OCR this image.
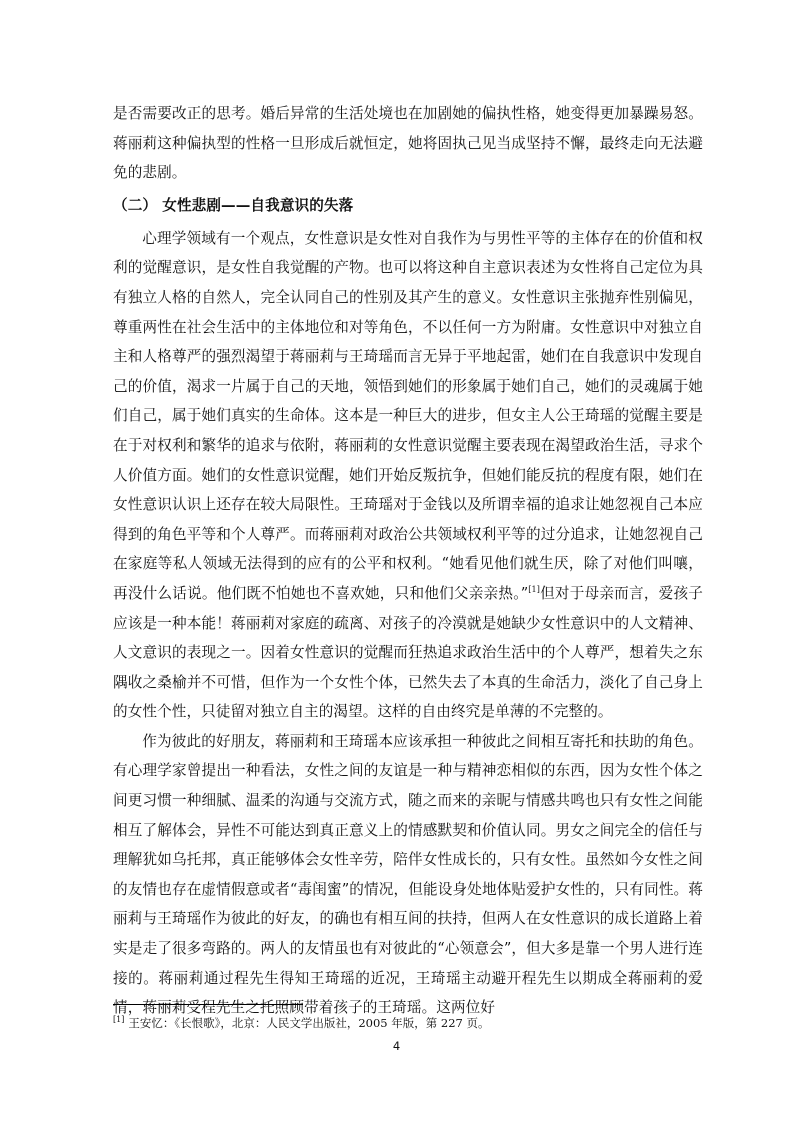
是否需要改正的思考。婚后异常的生活处境也在加剧她的偏执性格，她变得更加暴躁易怒。蒋丽莉这种偏执型的性格一旦形成后就恒定，她将固执己见当成坚持不懈，最终走向无法避免的悲剧。

（二） 女性悲剧——自我意识的失落

心理学领域有一个观点，女性意识是女性对自我作为与男性平等的主体存在的价值和权利的觉醒意识，是女性自我觉醒的产物。也可以将这种自主意识表述为女性将自己定位为具有独立人格的自然人，完全认同自己的性别及其产生的意义。女性意识主张抛弃性别偏见，尊重两性在社会生活中的主体地位和对等角色，不以任何一方为附庸。女性意识中对独立自主和人格尊严的强烈渴望于蒋丽莉与王琦瑶而言无异于平地起雷，她们在自我意识中发现自己的价值，渴求一片属于自己的天地，领悟到她们的形象属于她们自己，她们的灵魂属于她们自己，属于她们真实的生命体。这本是一种巨大的进步，但女主人公王琦瑶的觉醒主要是在于对权利和繁华的追求与依附，蒋丽莉的女性意识觉醒主要表现在渴望政治生活，寻求个人价值方面。她们的女性意识觉醒，她们开始反叛抗争，但她们能反抗的程度有限，她们在女性意识认识上还存在较大局限性。王琦瑶对于金钱以及所谓幸福的追求让她忽视自己本应得到的角色平等和个人尊严。而蒋丽莉对政治公共领域权利平等的过分追求，让她忽视自己在家庭等私人领域无法得到的应有的公平和权利。“她看见他们就生厌，除了对他们叫嚷，再没什么话说。他们既不怕她也不喜欢她，只和他们父亲亲热。”[1]但对于母亲而言，爱孩子应该是一种本能！蒋丽莉对家庭的疏离、对孩子的冷漠就是她缺少女性意识中的人文精神、人文意识的表现之一。因着女性意识的觉醒而狂热追求政治生活中的个人尊严，想着失之东隅收之桑榆并不可惜，但作为一个女性个体，已然失去了本真的生命活力，淡化了自己身上的女性个性，只徒留对独立自主的渴望。这样的自由终究是单薄的不完整的。

作为彼此的好朋友，蒋丽莉和王琦瑶本应该承担一种彼此之间相互寄托和扶助的角色。有心理学家曾提出一种看法，女性之间的友谊是一种与精神恋相似的东西，因为女性个体之间更习惯一种细腻、温柔的沟通与交流方式，随之而来的亲昵与情感共鸣也只有女性之间能相互了解体会，异性不可能达到真正意义上的情感默契和价值认同。男女之间完全的信任与理解犹如乌托邦，真正能够体会女性辛劳，陪伴女性成长的，只有女性。虽然如今女性之间的友情也存在虚情假意或者“毒闺蜜”的情况，但能设身处地体贴爱护女性的，只有同性。蒋丽莉与王琦瑶作为彼此的好友，的确也有相互间的扶持，但两人在女性意识的成长道路上着实是走了很多弯路的。两人的友情虽也有对彼此的“心领意会”，但大多是靠一个男人进行连接的。蒋丽莉通过程先生得知王琦瑶的近况，王琦瑶主动避开程先生以期成全蒋丽莉的爱情，蒋丽莉受程先生之托照顾带着孩子的王琦瑶。这两位好

[1] 王安忆：《长恨歌》，北京：人民文学出版社，2005 年版，第 227 页。
4
